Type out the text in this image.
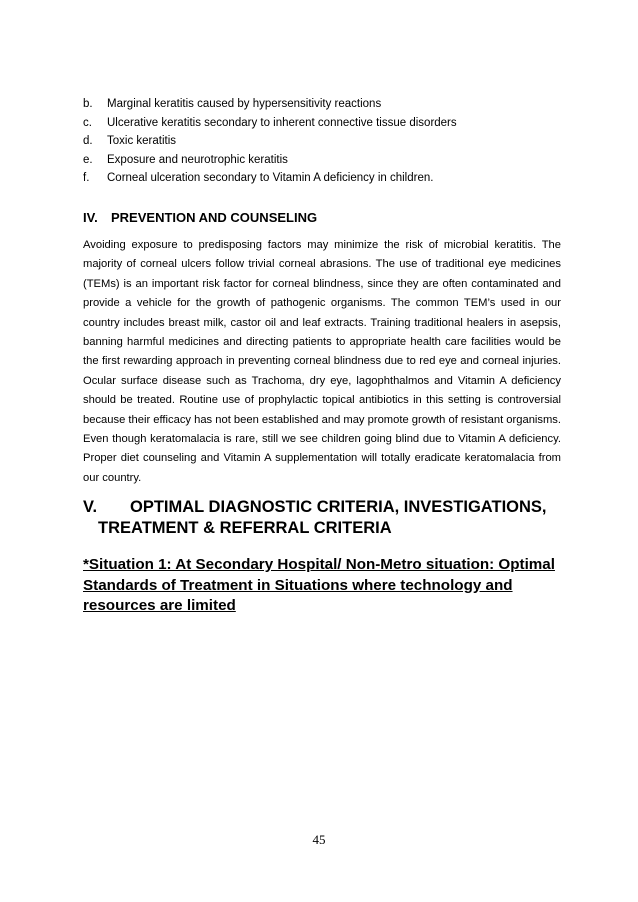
b.	Marginal keratitis caused by hypersensitivity reactions
c.	Ulcerative keratitis secondary to inherent connective tissue disorders
d.	Toxic keratitis
e.	Exposure and neurotrophic keratitis
f.	Corneal ulceration secondary to Vitamin A deficiency in children.
IV.	PREVENTION AND COUNSELING

Avoiding exposure to predisposing factors may minimize the risk of microbial keratitis. The majority of corneal ulcers follow trivial corneal abrasions. The use of traditional eye medicines (TEMs) is an important risk factor for corneal blindness, since they are often contaminated and provide a vehicle for the growth of pathogenic organisms. The common TEM’s used in our country includes breast milk, castor oil and leaf extracts. Training traditional healers in asepsis, banning harmful medicines and directing patients to appropriate health care facilities would be the first rewarding approach in preventing corneal blindness due to red eye and corneal injuries. Ocular surface disease such as Trachoma, dry eye, lagophthalmos and Vitamin A deficiency should be treated. Routine use of prophylactic topical antibiotics in this setting is controversial because their efficacy has not been established and may promote growth of resistant organisms. Even though keratomalacia is rare, still we see children going blind due to Vitamin A deficiency. Proper diet counseling and Vitamin A supplementation will totally eradicate keratomalacia from our country.

V.	OPTIMAL DIAGNOSTIC CRITERIA, INVESTIGATIONS,
TREATMENT & REFERRAL CRITERIA
*Situation 1: At Secondary Hospital/ Non-Metro situation: Optimal Standards of Treatment in Situations where technology and resources are limited
45
